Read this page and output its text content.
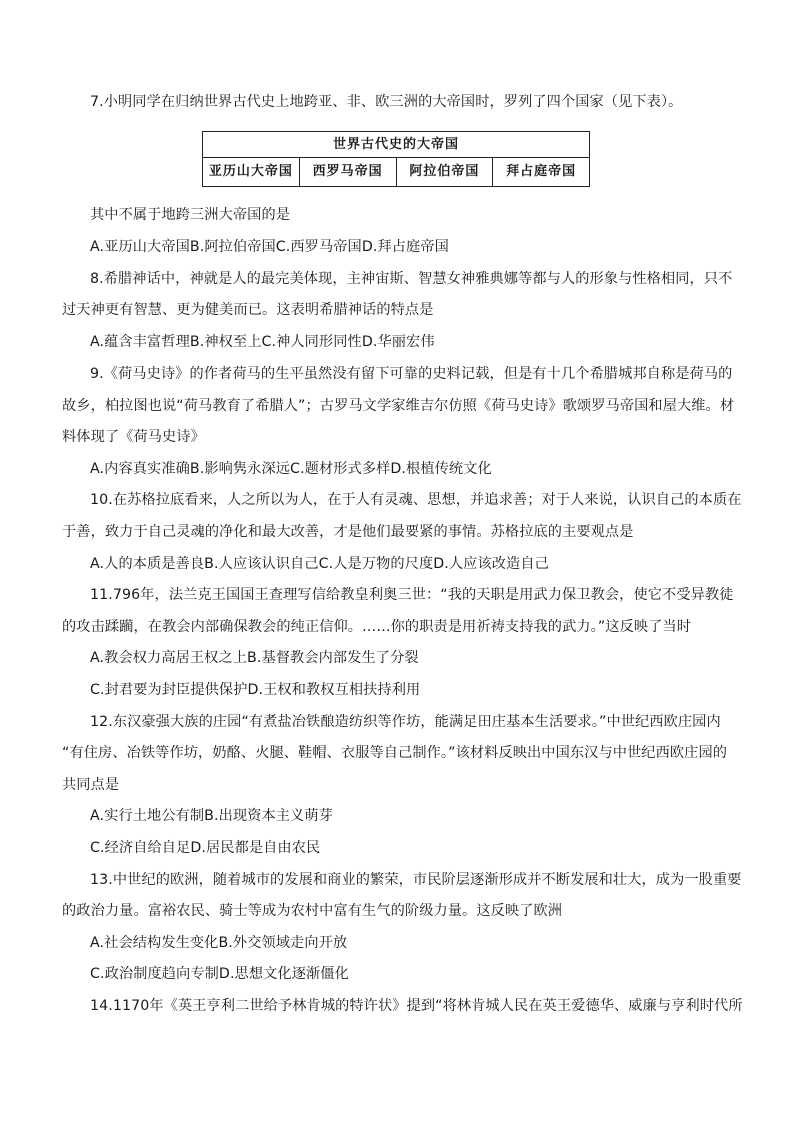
7.小明同学在归纳世界古代史上地跨亚、非、欧三洲的大帝国时，罗列了四个国家（见下表）。
世界古代史的大帝国
亚历山大帝国	西罗马帝国	阿拉伯帝国	拜占庭帝国
其中不属于地跨三洲大帝国的是
A.亚历山大帝国B.阿拉伯帝国C.西罗马帝国D.拜占庭帝国
8.希腊神话中，神就是人的最完美体现，主神宙斯、智慧女神雅典娜等都与人的形象与性格相同，只不
过天神更有智慧、更为健美而已。这表明希腊神话的特点是
A.蕴含丰富哲理B.神权至上C.神人同形同性D.华丽宏伟
9.《荷马史诗》的作者荷马的生平虽然没有留下可靠的史料记载，但是有十几个希腊城邦自称是荷马的
故乡，柏拉图也说“荷马教育了希腊人”；古罗马文学家维吉尔仿照《荷马史诗》歌颂罗马帝国和屋大维。材
料体现了《荷马史诗》
A.内容真实准确B.影响隽永深远C.题材形式多样D.根植传统文化
10.在苏格拉底看来，人之所以为人，在于人有灵魂、思想，并追求善；对于人来说，认识自己的本质在
于善，致力于自己灵魂的净化和最大改善，才是他们最要紧的事情。苏格拉底的主要观点是
A.人的本质是善良B.人应该认识自己C.人是万物的尺度D.人应该改造自己
11.796年，法兰克王国国王查理写信给教皇利奥三世：“我的天职是用武力保卫教会，使它不受异教徒
的攻击蹂躏，在教会内部确保教会的纯正信仰。……你的职责是用祈祷支持我的武力。”这反映了当时
A.教会权力高居王权之上B.基督教会内部发生了分裂
C.封君要为封臣提供保护D.王权和教权互相扶持利用
12.东汉豪强大族的庄园“有煮盐冶铁酿造纺织等作坊，能满足田庄基本生活要求。”中世纪西欧庄园内
“有住房、冶铁等作坊，奶酪、火腿、鞋帽、衣服等自己制作。”该材料反映出中国东汉与中世纪西欧庄园的
共同点是
A.实行土地公有制B.出现资本主义萌芽
C.经济自给自足D.居民都是自由农民
13.中世纪的欧洲，随着城市的发展和商业的繁荣，市民阶层逐渐形成并不断发展和壮大，成为一股重要
的政治力量。富裕农民、骑士等成为农村中富有生气的阶级力量。这反映了欧洲
A.社会结构发生变化B.外交领域走向开放
C.政治制度趋向专制D.思想文化逐渐僵化
14.1170年《英王亨利二世给予林肯城的特许状》提到“将林肯城人民在英王爱德华、威廉与亨利时代所
